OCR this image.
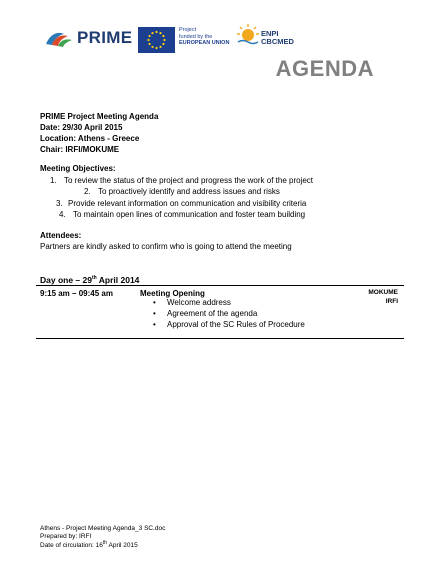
PRIME	Project
funded by the
EUROPEAN UNION
ENPI
CBCMED
AGENDA
PRIME Project Meeting Agenda
Date: 29/30 April 2015
Location: Athens - Greece
Chair: IRFI/MOKUME
Meeting Objectives:
1. To review the status of the project and progress the work of the project
2. To proactively identify and address issues and risks
3. Provide relevant information on communication and visibility criteria
4. To maintain open lines of communication and foster team building
Attendees:
Partners are kindly asked to confirm who is going to attend the meeting
Day one – 29th April 2014
9:15 am – 09:45 am	Meeting Opening	MOKUME
IRFI
• Welcome address
• Agreement of the agenda
• Approval of the SC Rules of Procedure
Athens - Project Meeting Agenda_3 SC.doc
Prepared by: IRFI
Date of circulation: 16th April 2015
